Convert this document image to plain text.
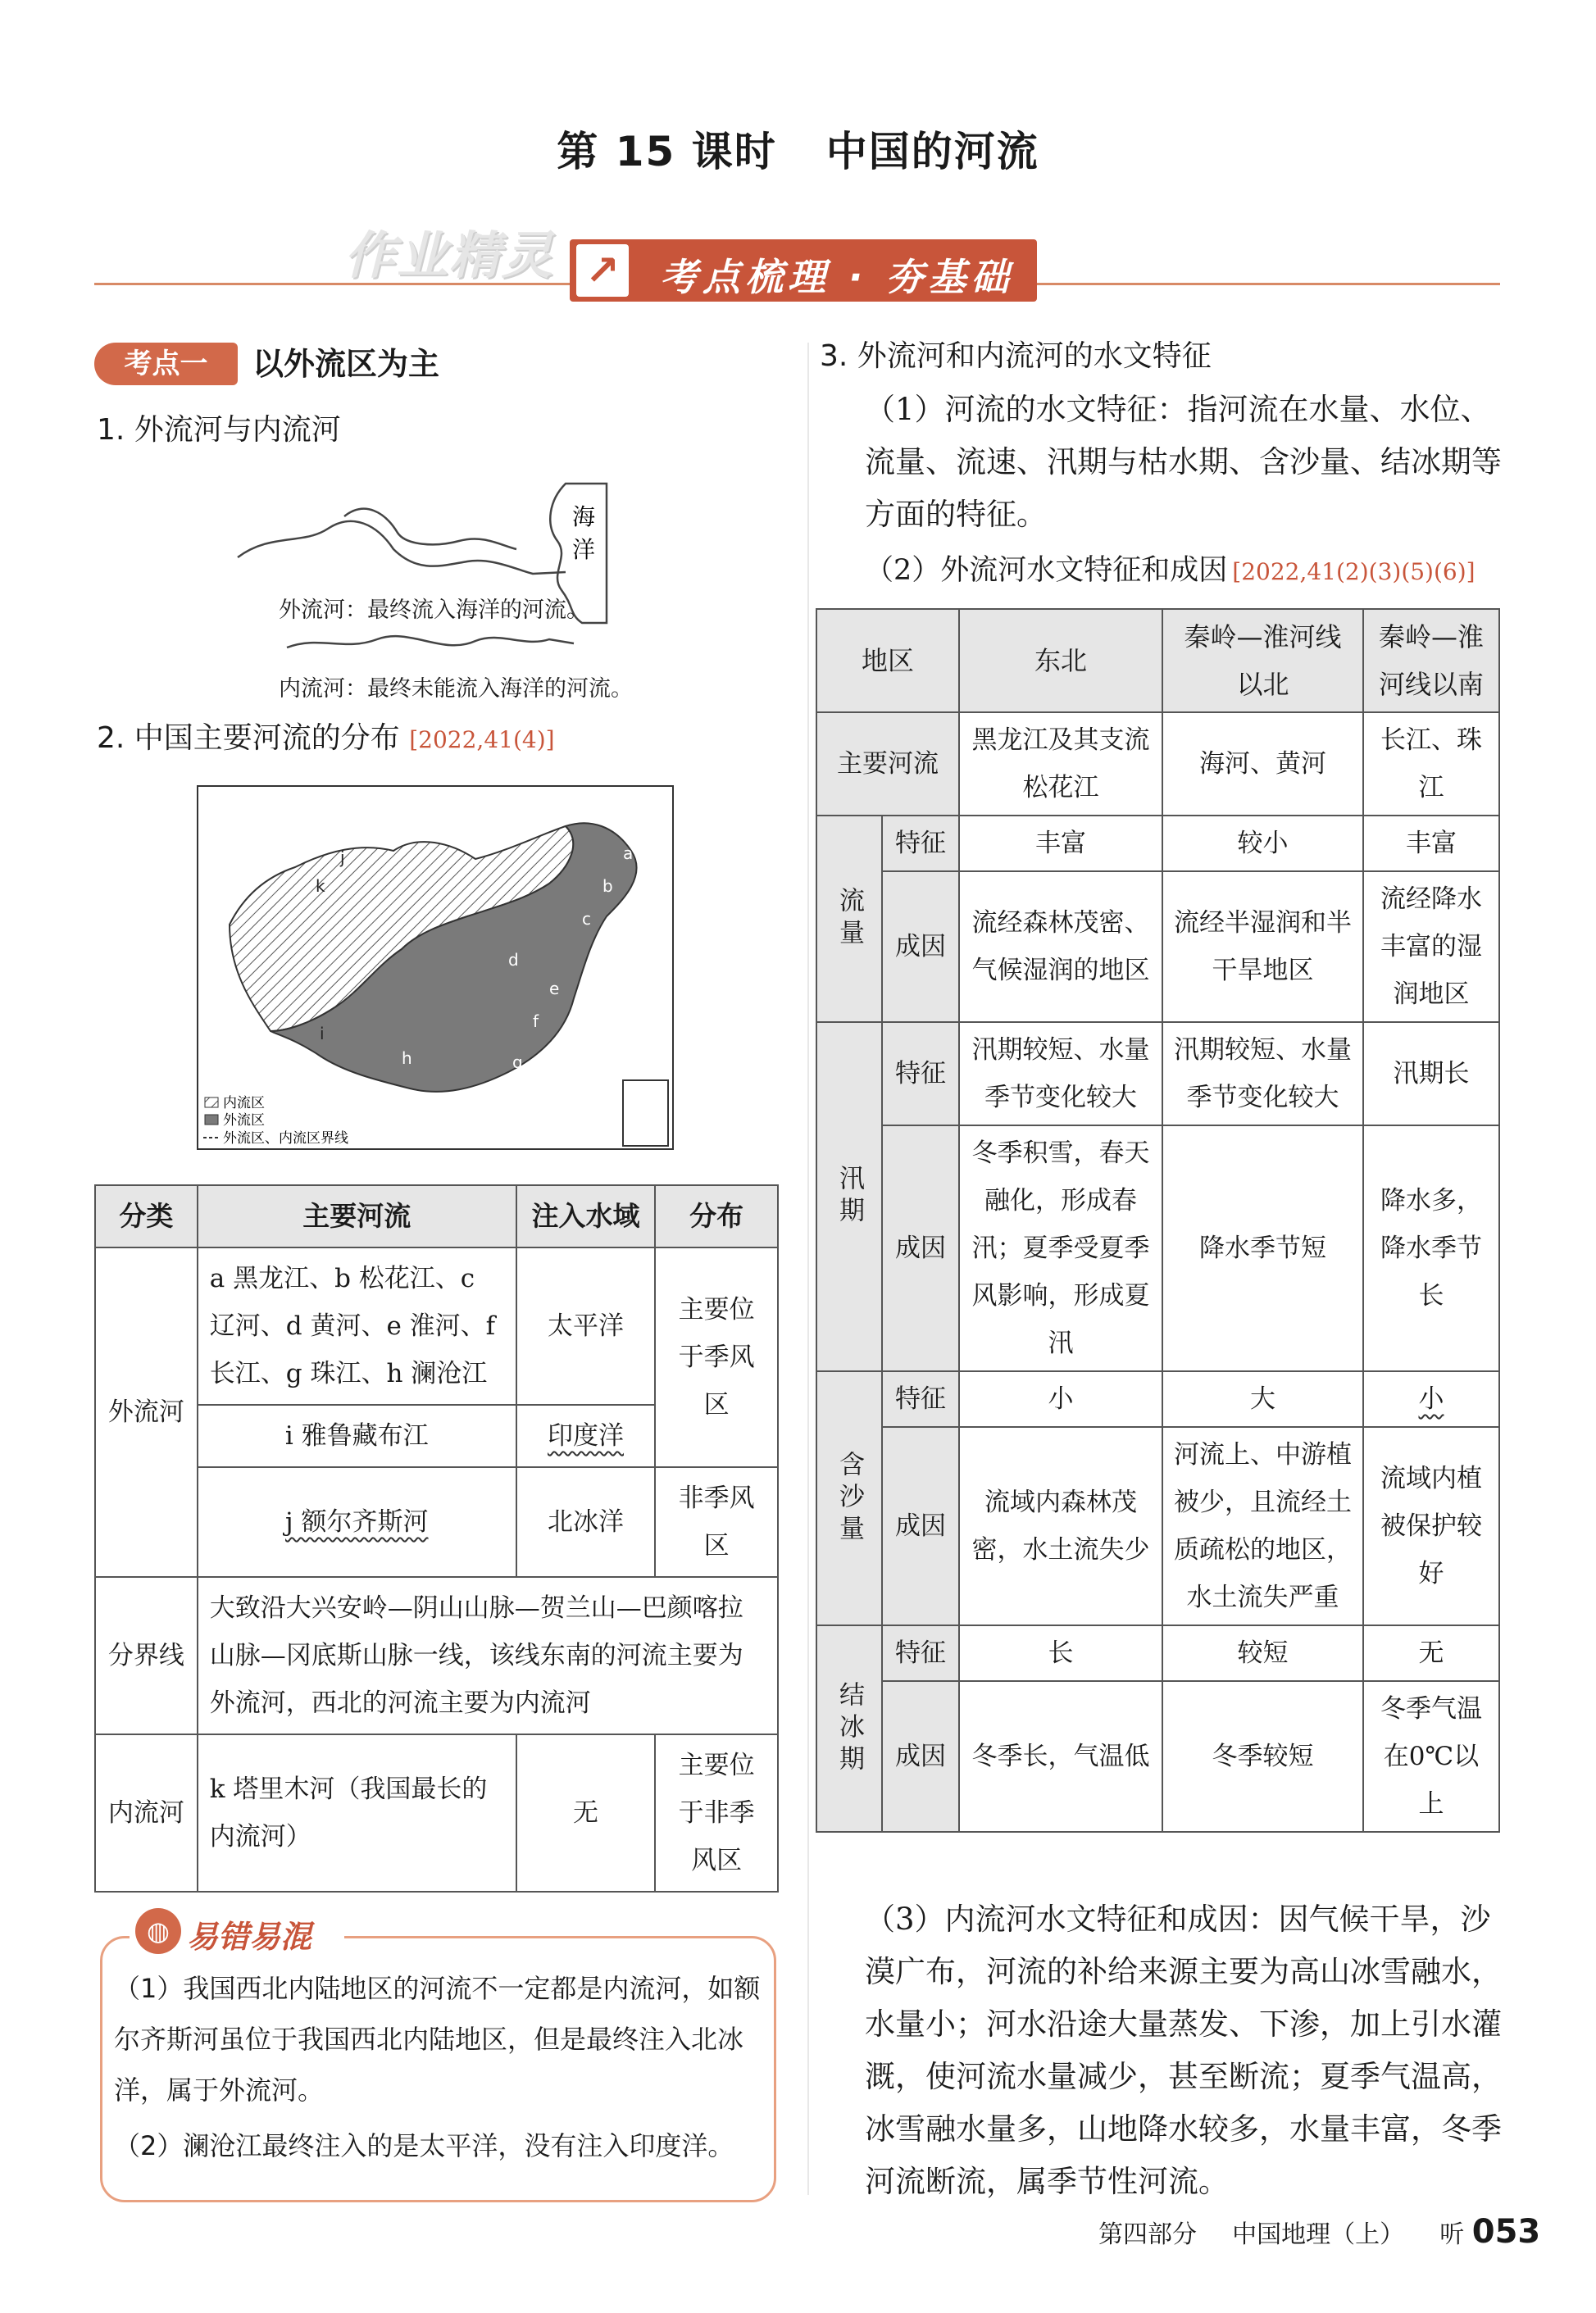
第 15 课时 中国的河流
作业精灵 ↗ 考点梳理 · 夯基础
考点一	以外流区为主
1. 外流河与内流河
海
洋
外流河：最终流入海洋的河流。
内流河：最终未能流入海洋的河流。
2. 中国主要河流的分布 [2022,41(4)]
a
b
c
d
e
f
g
h
i
j
k
内流区
外流区
外流区、内流区界线
分类	主要河流	注入水域	分布
外流河	a 黑龙江、b 松花江、c 辽河、d 黄河、e 淮河、f 长江、g 珠江、h 澜沧江	太平洋	主要位于季风区
	i 雅鲁藏布江	印度洋	
	j 额尔齐斯河	北冰洋	非季风区
分界线	大致沿大兴安岭—阴山山脉—贺兰山—巴颜喀拉山脉—冈底斯山脉一线，该线东南的河流主要为外流河，西北的河流主要为内流河		
内流河	k 塔里木河（我国最长的内流河）	无	主要位于非季风区
（1）我国西北内陆地区的河流不一定都是内流河，如额尔齐斯河虽位于我国西北内陆地区，但是最终注入北冰洋，属于外流河。
（2）澜沧江最终注入的是太平洋，没有注入印度洋。
◍ 易错易混
3. 外流河和内流河的水文特征
（1）河流的水文特征：指河流在水量、水位、流量、流速、汛期与枯水期、含沙量、结冰期等方面的特征。
（2）外流河水文特征和成因 [2022,41(2)(3)(5)(6)]
地区		东北	秦岭—淮河线以北	秦岭—淮河线以南
主要河流		黑龙江及其支流松花江	海河、黄河	长江、珠江
流量	特征	丰富	较小	丰富
	成因	流经森林茂密、气候湿润的地区	流经半湿润和半干旱地区	流经降水丰富的湿润地区
汛期	特征	汛期较短、水量季节变化较大	汛期较短、水量季节变化较大	汛期长
	成因	冬季积雪，春天融化，形成春汛；夏季受夏季风影响，形成夏汛	降水季节短	降水多，降水季节长
含沙量	特征	小	大	小
	成因	流域内森林茂密，水土流失少	河流上、中游植被少，且流经土质疏松的地区，水土流失严重	流域内植被保护较好
结冰期	特征	长	较短	无
	成因	冬季长，气温低	冬季较短	冬季气温在0℃以上
（3）内流河水文特征和成因：因气候干旱，沙漠广布，河流的补给来源主要为高山冰雪融水，水量小；河水沿途大量蒸发、下渗，加上引水灌溉，使河流水量减少，甚至断流；夏季气温高，冰雪融水量多，山地降水较多，水量丰富，冬季河流断流，属季节性河流。
第四部分 中国地理（上） 听 053
